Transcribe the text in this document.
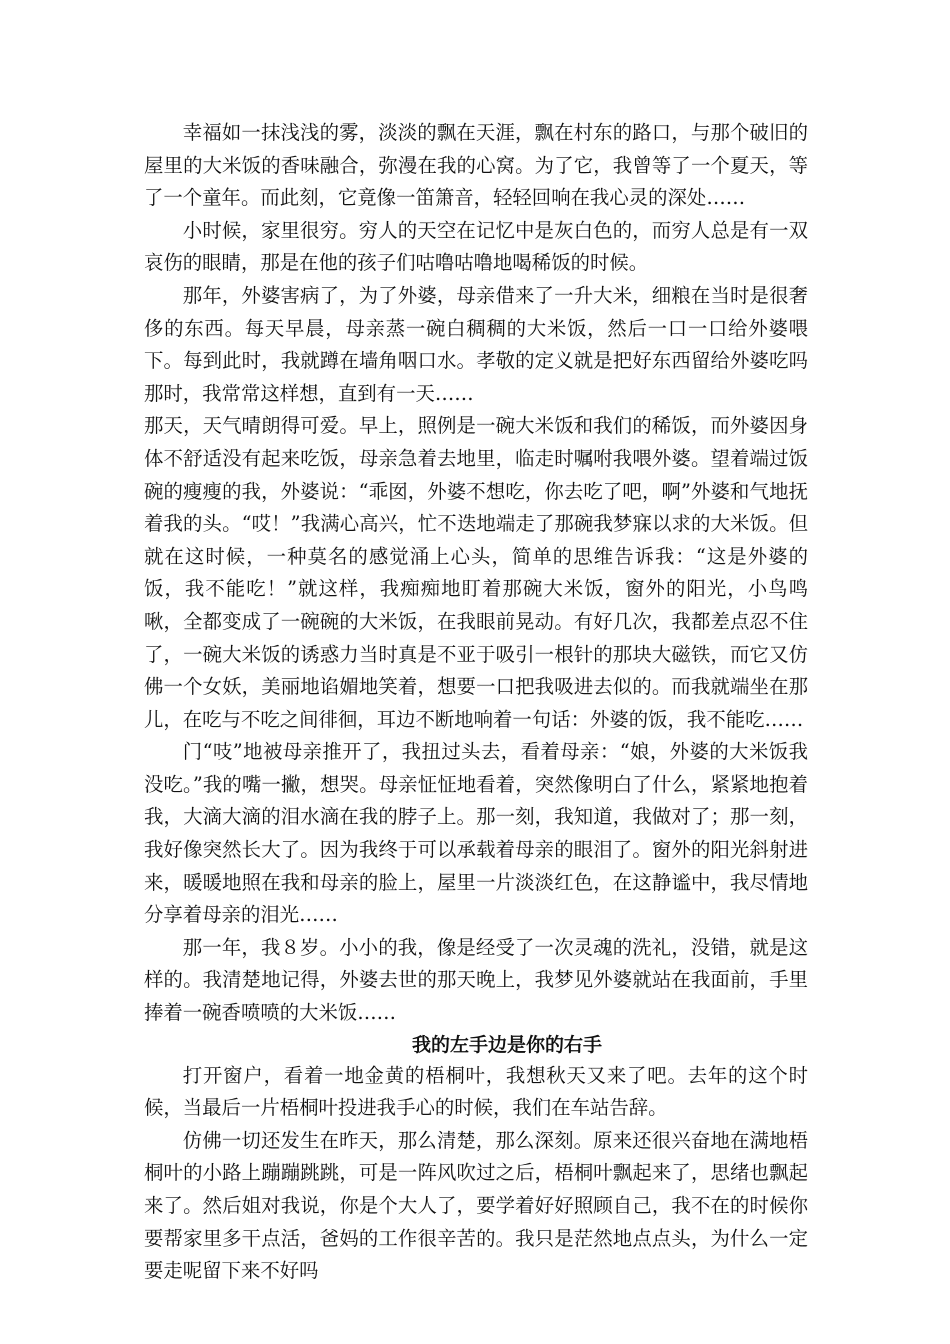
幸福如一抹浅浅的雾，淡淡的飘在天涯，飘在村东的路口，与那个破旧的屋里的大米饭的香味融合，弥漫在我的心窝。为了它，我曾等了一个夏天，等了一个童年。而此刻，它竟像一笛箫音，轻轻回响在我心灵的深处……

小时候，家里很穷。穷人的天空在记忆中是灰白色的，而穷人总是有一双哀伤的眼睛，那是在他的孩子们咕噜咕噜地喝稀饭的时候。

那年，外婆害病了，为了外婆，母亲借来了一升大米，细粮在当时是很奢侈的东西。每天早晨，母亲蒸一碗白稠稠的大米饭，然后一口一口给外婆喂下。每到此时，我就蹲在墙角咽口水。孝敬的定义就是把好东西留给外婆吃吗那时，我常常这样想，直到有一天……

那天，天气晴朗得可爱。早上，照例是一碗大米饭和我们的稀饭，而外婆因身体不舒适没有起来吃饭，母亲急着去地里，临走时嘱咐我喂外婆。望着端过饭碗的瘦瘦的我，外婆说：“乖囡，外婆不想吃，你去吃了吧，啊”外婆和气地抚着我的头。“哎！”我满心高兴，忙不迭地端走了那碗我梦寐以求的大米饭。但就在这时候，一种莫名的感觉涌上心头，简单的思维告诉我：“这是外婆的饭，我不能吃！”就这样，我痴痴地盯着那碗大米饭，窗外的阳光，小鸟鸣啾，全都变成了一碗碗的大米饭，在我眼前晃动。有好几次，我都差点忍不住了，一碗大米饭的诱惑力当时真是不亚于吸引一根针的那块大磁铁，而它又仿佛一个女妖，美丽地谄媚地笑着，想要一口把我吸进去似的。而我就端坐在那儿，在吃与不吃之间徘徊，耳边不断地响着一句话：外婆的饭，我不能吃……

门“吱”地被母亲推开了，我扭过头去，看着母亲：“娘，外婆的大米饭我没吃。”我的嘴一撇，想哭。母亲怔怔地看着，突然像明白了什么，紧紧地抱着我，大滴大滴的泪水滴在我的脖子上。那一刻，我知道，我做对了；那一刻，我好像突然长大了。因为我终于可以承载着母亲的眼泪了。窗外的阳光斜射进来，暖暖地照在我和母亲的脸上，屋里一片淡淡红色，在这静谧中，我尽情地分享着母亲的泪光……

那一年，我８岁。小小的我，像是经受了一次灵魂的洗礼，没错，就是这样的。我清楚地记得，外婆去世的那天晚上，我梦见外婆就站在我面前，手里捧着一碗香喷喷的大米饭……

我的左手边是你的右手

打开窗户，看着一地金黄的梧桐叶，我想秋天又来了吧。去年的这个时候，当最后一片梧桐叶投进我手心的时候，我们在车站告辞。

仿佛一切还发生在昨天，那么清楚，那么深刻。原来还很兴奋地在满地梧桐叶的小路上蹦蹦跳跳，可是一阵风吹过之后，梧桐叶飘起来了，思绪也飘起来了。然后姐对我说，你是个大人了，要学着好好照顾自己，我不在的时候你要帮家里多干点活，爸妈的工作很辛苦的。我只是茫然地点点头，为什么一定要走呢留下来不好吗
